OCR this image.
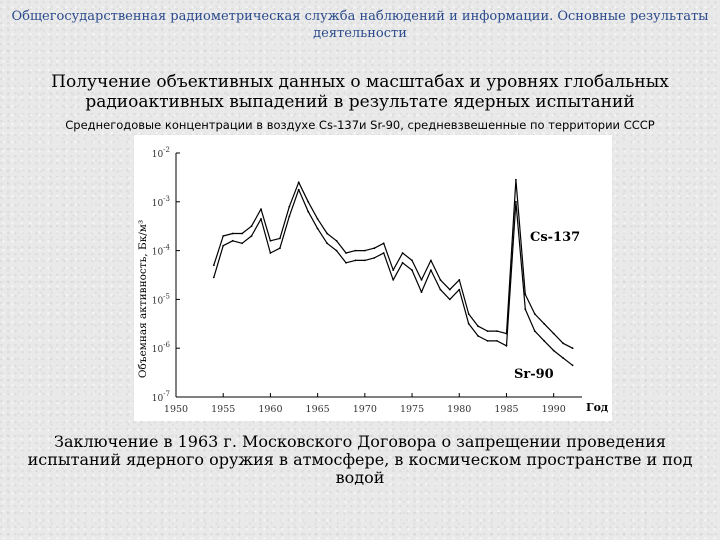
Общегосударственная радиометрическая служба наблюдений и информации. Основные результаты
деятельности
Получение объективных данных о масштабах и уровнях глобальных
радиоактивных выпадений в результате ядерных испытаний
Среднегодовые концентрации в воздухе Cs-137и Sr-90, средневзвешенные по территории СССР
$10^{-2}$
$10^{-3}$
$10^{-4}$
$10^{-5}$
$10^{-6}$
$10^{-7}$
1950 1955 1960 1965 1970 1975 1980 1985 1990
Объемная активность, Бк/м³
Год
Cs-137
Sr-90
Заключение в 1963 г. Московского Договора о запрещении проведения
испытаний ядерного оружия в атмосфере, в космическом пространстве и под
водой
